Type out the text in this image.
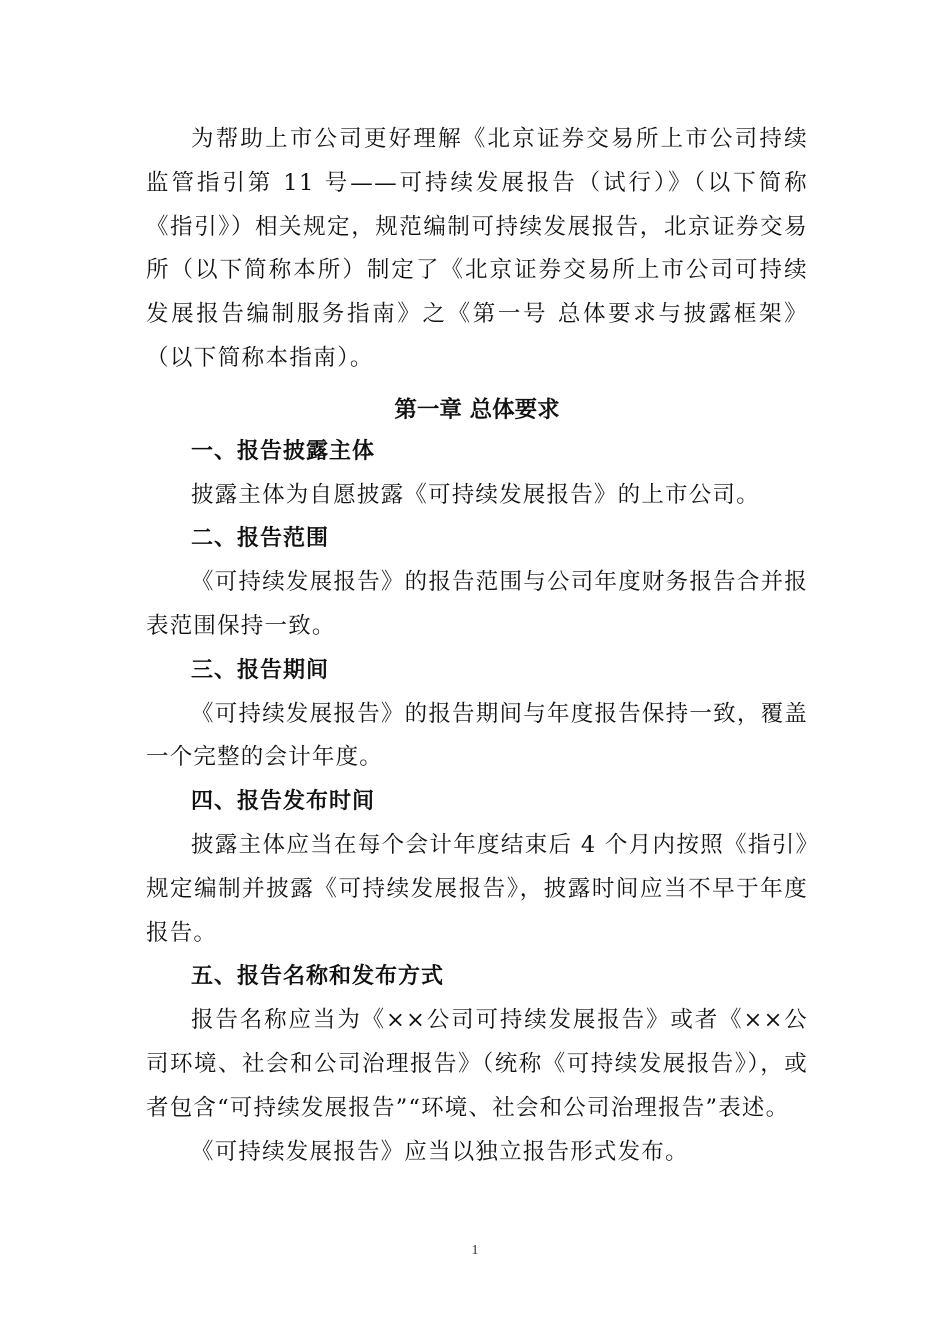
为帮助上市公司更好理解《北京证券交易所上市公司持续监管指引第 11 号——可持续发展报告（试行）》（以下简称《指引》）相关规定，规范编制可持续发展报告，北京证券交易所（以下简称本所）制定了《北京证券交易所上市公司可持续发展报告编制服务指南》之《第一号 总体要求与披露框架》（以下简称本指南）。

第一章 总体要求
一、报告披露主体

披露主体为自愿披露《可持续发展报告》的上市公司。

二、报告范围

《可持续发展报告》的报告范围与公司年度财务报告合并报表范围保持一致。

三、报告期间

《可持续发展报告》的报告期间与年度报告保持一致，覆盖一个完整的会计年度。

四、报告发布时间

披露主体应当在每个会计年度结束后 4 个月内按照《指引》规定编制并披露《可持续发展报告》，披露时间应当不早于年度报告。

五、报告名称和发布方式

报告名称应当为《××公司可持续发展报告》或者《××公司环境、社会和公司治理报告》（统称《可持续发展报告》），或者包含“可持续发展报告”“环境、社会和公司治理报告”表述。

《可持续发展报告》应当以独立报告形式发布。

1
